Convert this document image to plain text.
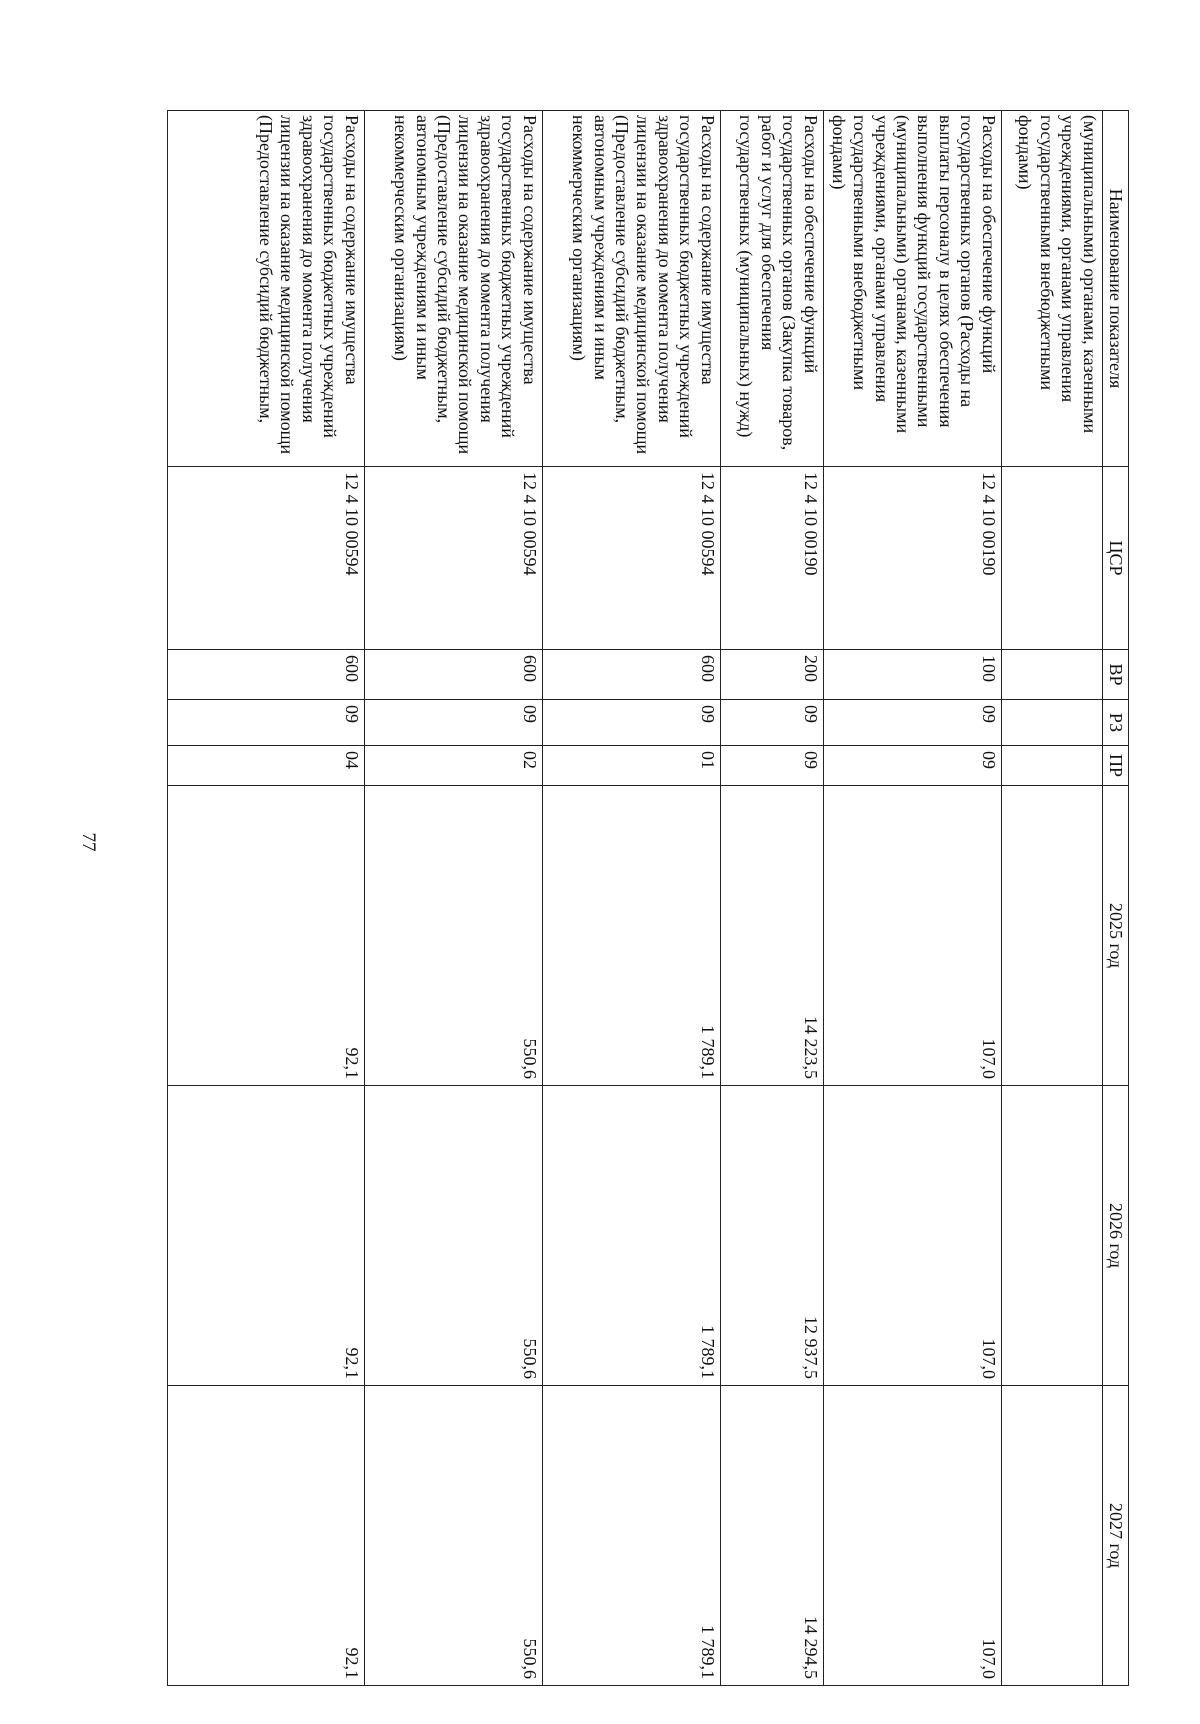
77
Наименование показателя	ЦСР	ВР	РЗ	ПР	2025 год	2026 год	2027 год
(муниципальными) органами, казенными учреждениями, органами управления государственными внебюджетными фондами)							
Расходы на обеспечение функций государственных органов (Расходы на выплаты персоналу в целях обеспечения выполнения функций государственными (муниципальными) органами, казенными учреждениями, органами управления государственными внебюджетными фондами)	12 4 10 00190	100	09	09	107,0	107,0	107,0
Расходы на обеспечение функций государственных органов (Закупка товаров, работ и услуг для обеспечения государственных (муниципальных) нужд)	12 4 10 00190	200	09	09	14 223,5	12 937,5	14 294,5
Расходы на содержание имущества государственных бюджетных учреждений здравоохранения до момента получения лицензии на оказание медицинской помощи (Предоставление субсидий бюджетным, автономным учреждениям и иным некоммерческим организациям)	12 4 10 00594	600	09	01	1 789,1	1 789,1	1 789,1
Расходы на содержание имущества государственных бюджетных учреждений здравоохранения до момента получения лицензии на оказание медицинской помощи (Предоставление субсидий бюджетным, автономным учреждениям и иным некоммерческим организациям)	12 4 10 00594	600	09	02	550,6	550,6	550,6
Расходы на содержание имущества государственных бюджетных учреждений здравоохранения до момента получения лицензии на оказание медицинской помощи (Предоставление субсидий бюджетным,	12 4 10 00594	600	09	04	92,1	92,1	92,1
